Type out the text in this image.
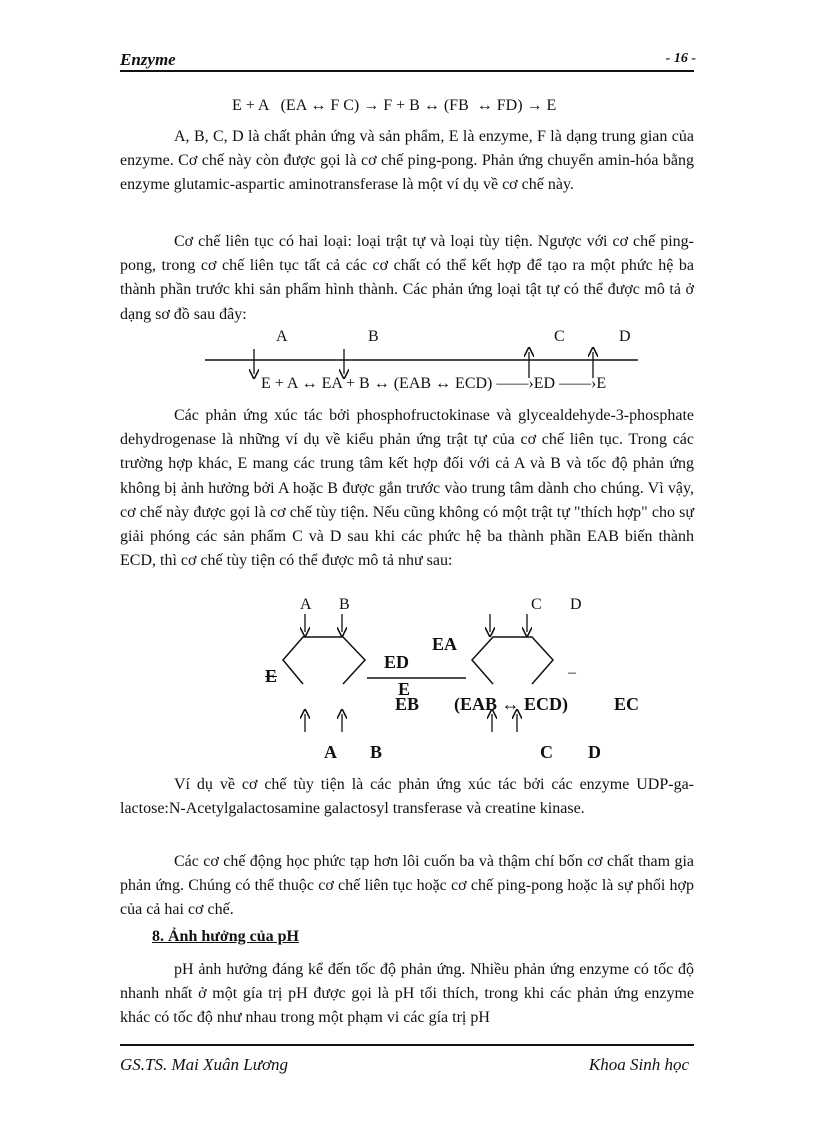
Enzyme	- 16 -
E + A   (EA ↔ F C) → F + B ↔ (FB  ↔ FD) → E

A, B, C, D là chất phản ứng và sản phẩm, E là enzyme, F là dạng trung gian của enzyme. Cơ chế này còn được gọi là cơ chế ping-pong. Phản ứng chuyển amin-hóa bằng enzyme glutamic-aspartic aminotransferase là một ví dụ về cơ chế này.

Cơ chế liên tục có hai loại: loại trật tự và loại tùy tiện. Ngược với cơ chế ping-pong, trong cơ chế liên tục tất cả các cơ chất có thể kết hợp để tạo ra một phức hệ ba thành phần trước khi sản phẩm hình thành. Các phản ứng loại tật tự có thể được mô tả ở dạng sơ đồ sau đây:

A	B	C	D
E + A ↔ EA + B ↔ (EAB ↔ ECD) ——›ED ——›E

Các phản ứng xúc tác bởi phosphofructokinase và glycealdehyde-3-phosphate dehydrogenase là những ví dụ về kiểu phản ứng trật tự của cơ chế liên tục. Trong các trường hợp khác, E mang các trung tâm kết hợp đối với cả A và B và tốc độ phản ứng không bị ảnh hưởng bởi A hoặc B được gắn trước vào trung tâm dành cho chúng. Vì vậy, cơ chế này được gọi là cơ chế tùy tiện. Nếu cũng không có một trật tự "thích hợp" cho sự giải phóng các sản phẩm C và D sau khi các phức hệ ba thành phần EAB biến thành ECD, thì cơ chế tùy tiện có thể được mô tả như sau:

A B	C D
E
ED
EA
E
EB (EAB ↔ ECD)	EC
–
A B	C D

Ví dụ về cơ chế tùy tiện là các phản ứng xúc tác bởi các enzyme UDP-ga- lactose:N-Acetylgalactosamine galactosyl transferase và creatine kinase.

Các cơ chế động học phức tạp hơn lôi cuốn ba và thậm chí bốn cơ chất tham gia phản ứng. Chúng có thể thuộc cơ chế liên tục hoặc cơ chế ping-pong hoặc là sự phối hợp của cả hai cơ chế.

8. Ảnh hưởng của pH

pH ảnh hưởng đáng kể đến tốc độ phản ứng. Nhiều phản ứng enzyme có tốc độ nhanh nhất ở một gía trị pH được gọi là pH tối thích, trong khi các phản ứng enzyme khác có tốc độ như nhau trong một phạm vi các gía trị pH

GS.TS. Mai Xuân Lương	Khoa Sinh học
